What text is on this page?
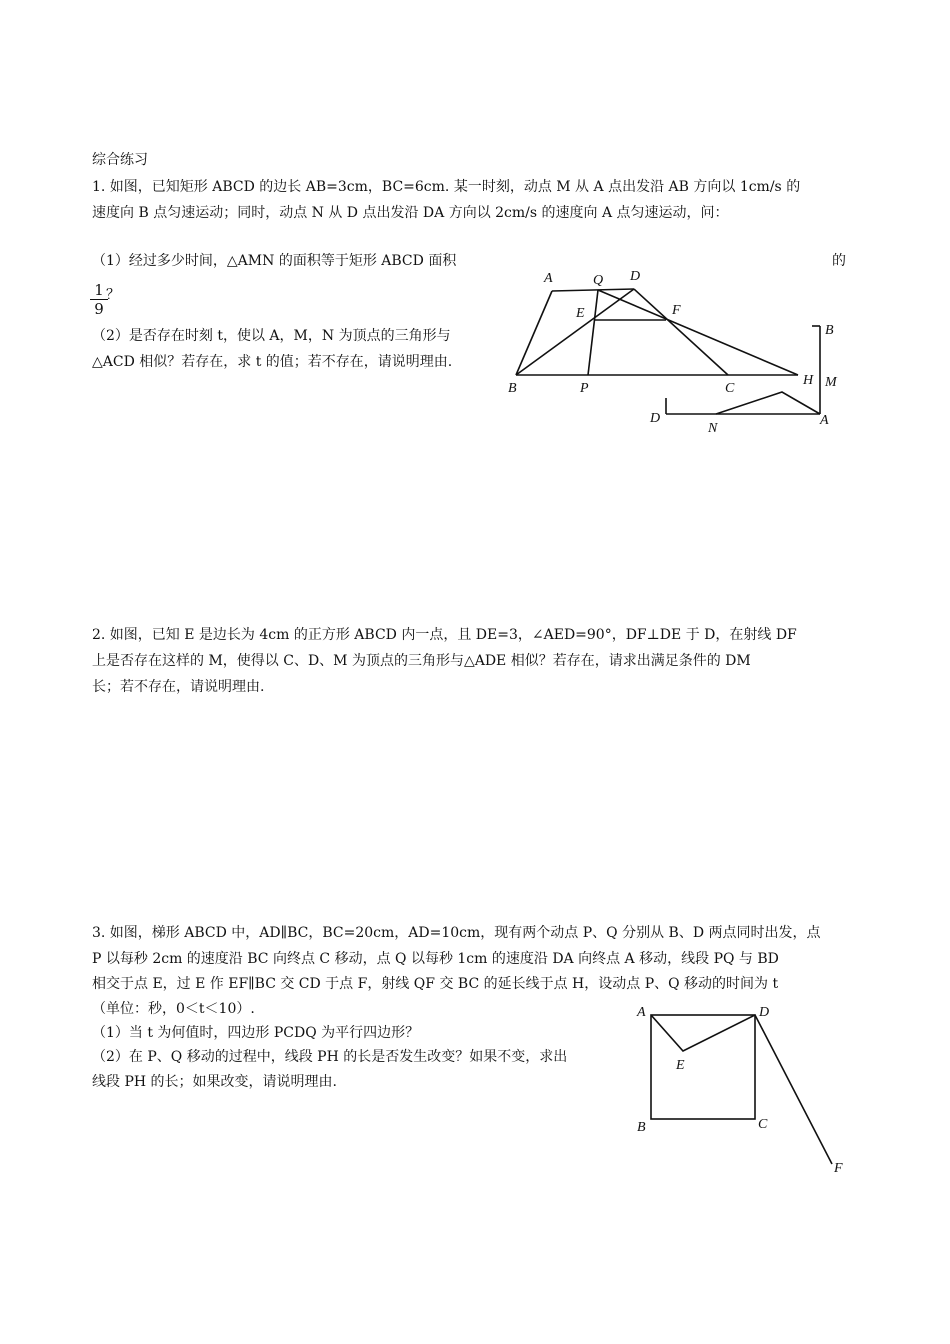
综合练习
1. 如图，已知矩形 ABCD 的边长 AB=3cm，BC=6cm. 某一时刻，动点 M 从 A 点出发沿 AB 方向以 1cm/s 的
速度向 B 点匀速运动；同时，动点 N 从 D 点出发沿 DA 方向以 2cm/s 的速度向 A 点匀速运动，问：
（1）经过多少时间，△AMN 的面积等于矩形 ABCD 面积	的
$\frac{1}{9}$
？
（2）是否存在时刻 t，使以 A，M，N 为顶点的三角形与
△ACD 相似？若存在，求 t 的值；若不存在，请说明理由.
A	Q D
E	F
B	P	C
H
B
M
D
N
A
2. 如图，已知 E 是边长为 4cm 的正方形 ABCD 内一点，且 DE=3，∠AED=90°，DF⊥DE 于 D，在射线 DF
上是否存在这样的 M，使得以 C、D、M 为顶点的三角形与△ADE 相似？若存在，请求出满足条件的 DM
长；若不存在，请说明理由.
3. 如图，梯形 ABCD 中，AD∥BC，BC=20cm，AD=10cm，现有两个动点 P、Q 分别从 B、D 两点同时出发，点
P 以每秒 2cm 的速度沿 BC 向终点 C 移动，点 Q 以每秒 1cm 的速度沿 DA 向终点 A 移动，线段 PQ 与 BD
相交于点 E，过 E 作 EF∥BC 交 CD 于点 F，射线 QF 交 BC 的延长线于点 H，设动点 P、Q 移动的时间为 t
（单位：秒，0＜t＜10）.
（1）当 t 为何值时，四边形 PCDQ 为平行四边形？
（2）在 P、Q 移动的过程中，线段 PH 的长是否发生改变？如果不变，求出
线段 PH 的长；如果改变，请说明理由.
A	D
E
B	C
F
